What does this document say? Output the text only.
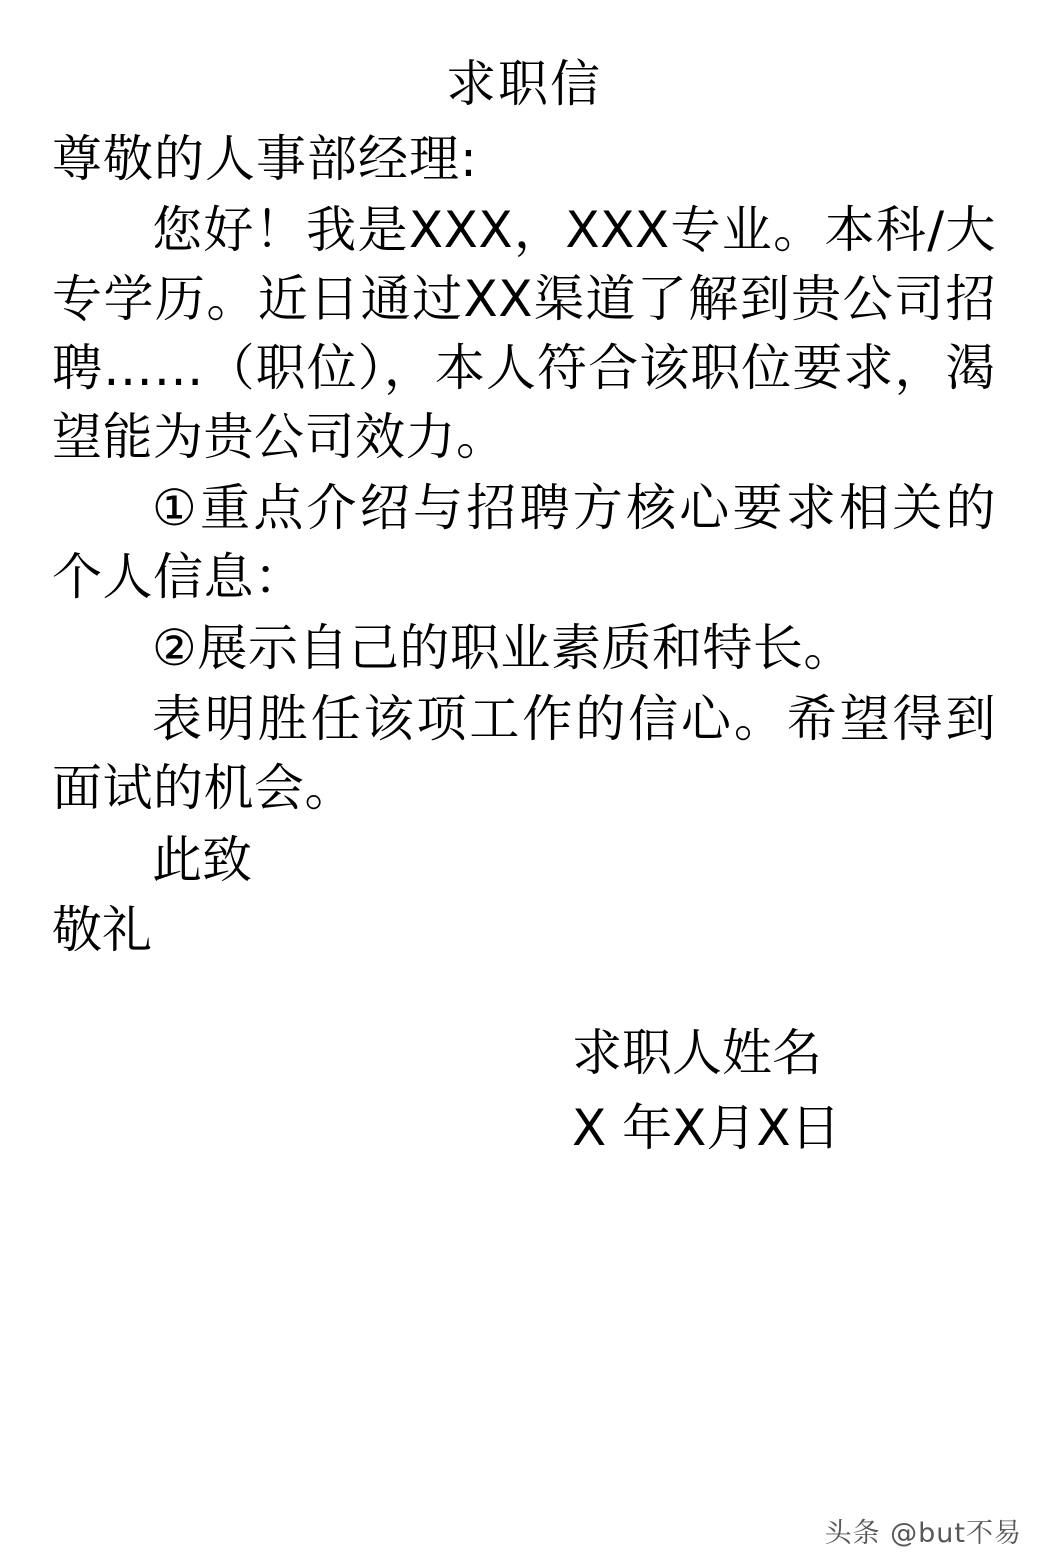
求职信
尊敬的人事部经理:

您好！我是XXX，XXX专业。本科/大专学历。近日通过XX渠道了解到贵公司招聘……（职位），本人符合该职位要求，渴望能为贵公司效力。

①重点介绍与招聘方核心要求相关的个人信息：

②展示自己的职业素质和特长。

表明胜任该项工作的信心。希望得到面试的机会。

此致
敬礼
求职人姓名
X 年X月X日
头条 @but不易
